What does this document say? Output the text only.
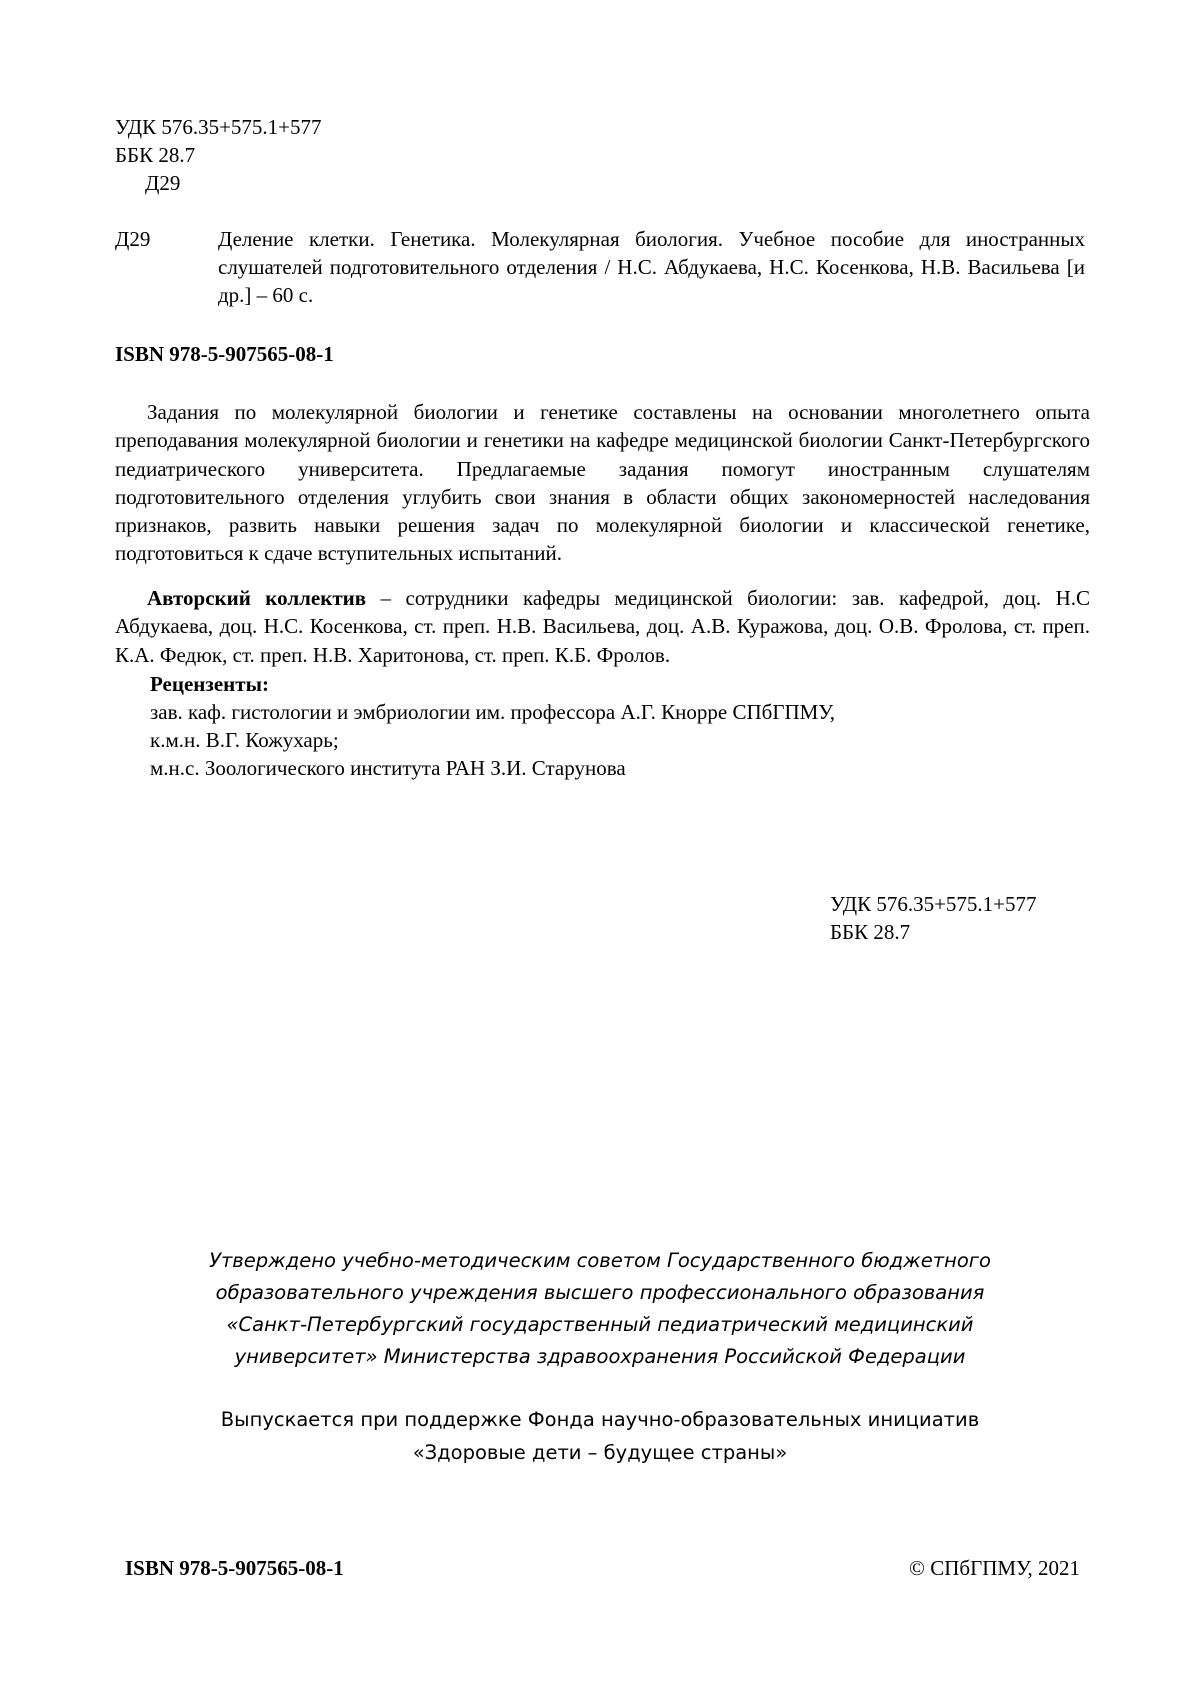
УДК 576.35+575.1+577
ББК 28.7
Д29
Д29	Деление клетки. Генетика. Молекулярная биология. Учебное пособие для иностранных слушателей подготовительного отделения / Н.С. Абдукаева, Н.С. Косенкова, Н.В. Васильева [и др.] – 60 с.
ISBN 978-5-907565-08-1

Задания по молекулярной биологии и генетике составлены на основании многолетнего опыта преподавания молекулярной биологии и генетики на кафедре медицинской биологии Санкт-Петербургского педиатрического университета. Предлагаемые задания помогут иностранным слушателям подготовительного отделения углубить свои знания в области общих закономерностей наследования признаков, развить навыки решения задач по молекулярной биологии и классической генетике, подготовиться к сдаче вступительных испытаний.

Авторский коллектив – сотрудники кафедры медицинской биологии: зав. кафедрой, доц. Н.С Абдукаева, доц. Н.С. Косенкова, ст. преп. Н.В. Васильева, доц. А.В. Куражова, доц. О.В. Фролова, ст. преп. К.А. Федюк, ст. преп. Н.В. Харитонова, ст. преп. К.Б. Фролов.

Рецензенты:
зав. каф. гистологии и эмбриологии им. профессора А.Г. Кнорре СПбГПМУ,
к.м.н. В.Г. Кожухарь;
м.н.с. Зоологического института РАН З.И. Старунова
УДК 576.35+575.1+577
ББК 28.7
Утверждено учебно-методическим советом Государственного бюджетного
образовательного учреждения высшего профессионального образования
«Санкт-Петербургский государственный педиатрический медицинский
университет» Министерства здравоохранения Российской Федерации
Выпускается при поддержке Фонда научно-образовательных инициатив
«Здоровые дети – будущее страны»
ISBN 978-5-907565-08-1	© СПбГПМУ, 2021
